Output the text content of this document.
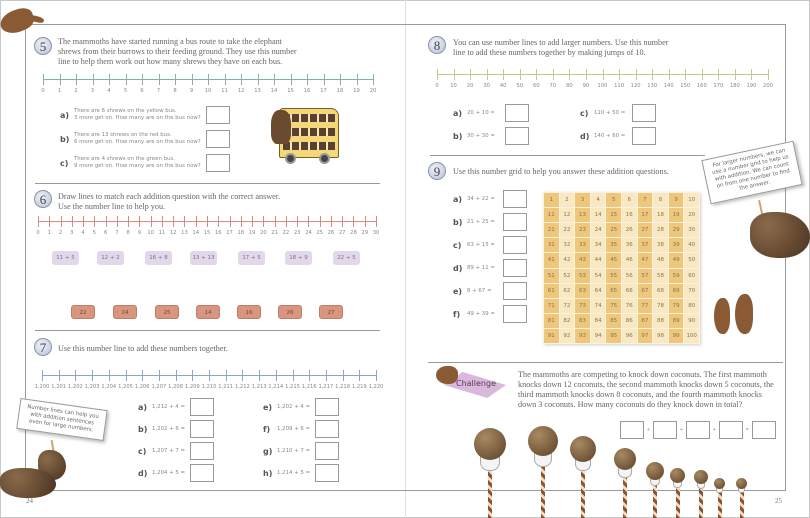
5	The mammoths have started running a bus route to take the elephant shrews from their burrows to their feeding ground. They use this number line to help them work out how many shrews they have on each bus.
0	1	2	3	4	5	6	7	8	9 10 11 12 13 14 15 16 17 18 19 20
a) There are 6 shrews on the yellow bus.
3 more get on. How many are on the bus now?
b) There are 13 shrews on the red bus.
6 more get on. How many are on the bus now?
c)	There are 4 shrews on the green bus.
9 more get on. How many are on the bus now?
6	Draw lines to match each addition question with the correct answer.
Use the number line to help you.
0 1 2 3 4 5 6 7 8 9 10 11 12 13 14 15 16 17 18 19 20 21 22 23 24 25 26 27 28 29 30
11 + 5	12 + 2	16 + 8	13 + 13	17 + 5	18 + 9	22 + 5
22	24	25	14	16	26	27
7	Use this number line to add these numbers together.
1,200 1,201 1,202 1,203 1,204 1,205 1,206 1,207 1,208 1,209 1,210 1,211 1,212 1,213 1,214 1,215 1,216 1,217 1,218 1,219 1,220
a) 1,212 + 4 =
b) 1,202 + 6 =
c)	1,207 + 7 =
d) 1,204 + 5 =
e) 1,202 + 4 =
f)	1,209 + 6 =
g) 1,210 + 7 =
h) 1,214 + 5 =
Number lines can help you with addition sentences even for large numbers.
24
8	You can use number lines to add larger numbers. Use this number line to add these numbers together by making jumps of 10.
0 10 20 30 40 50 60 70 80 90 100 110 120 130 140 150 160 170 180 190 200
a) 20 + 10 =
b) 30 + 30 =
c)	110 + 50 =
d) 140 + 60 =
9	Use this number grid to help you answer these addition questions.
a) 34 + 22 =
b) 21 + 25 =
c)	63 + 15 =
d) 89 + 11 =
e) 8 + 67 =
f)	49 + 39 =
1	2	3	4	5	6	7	8	9	10
11	12	13	14	15	16	17	18	19	20
21	22	23	24	25	26	27	28	29	30
31	32	33	34	35	36	37	38	39	40
41	42	43	44	45	46	47	48	49	50
51	52	53	54	55	56	57	58	59	60
61	62	63	64	65	66	67	68	69	70
71	72	73	74	75	76	77	78	79	80
81	82	83	84	85	86	87	88	89	90
91	92	93	94	95	96	97	98	99	100
For larger numbers, we can use a number grid to help us with addition. We can count on from one number to find the answer.
Challenge
The mammoths are competing to knock down coconuts. The first mammoth knocks down 12 coconuts, the second mammoth knocks down 5 coconuts, the third mammoth knocks down 8 coconuts, and the fourth mammoth knocks down 3 coconuts. How many coconuts do they knock down in total?
+	+	+	=
25
